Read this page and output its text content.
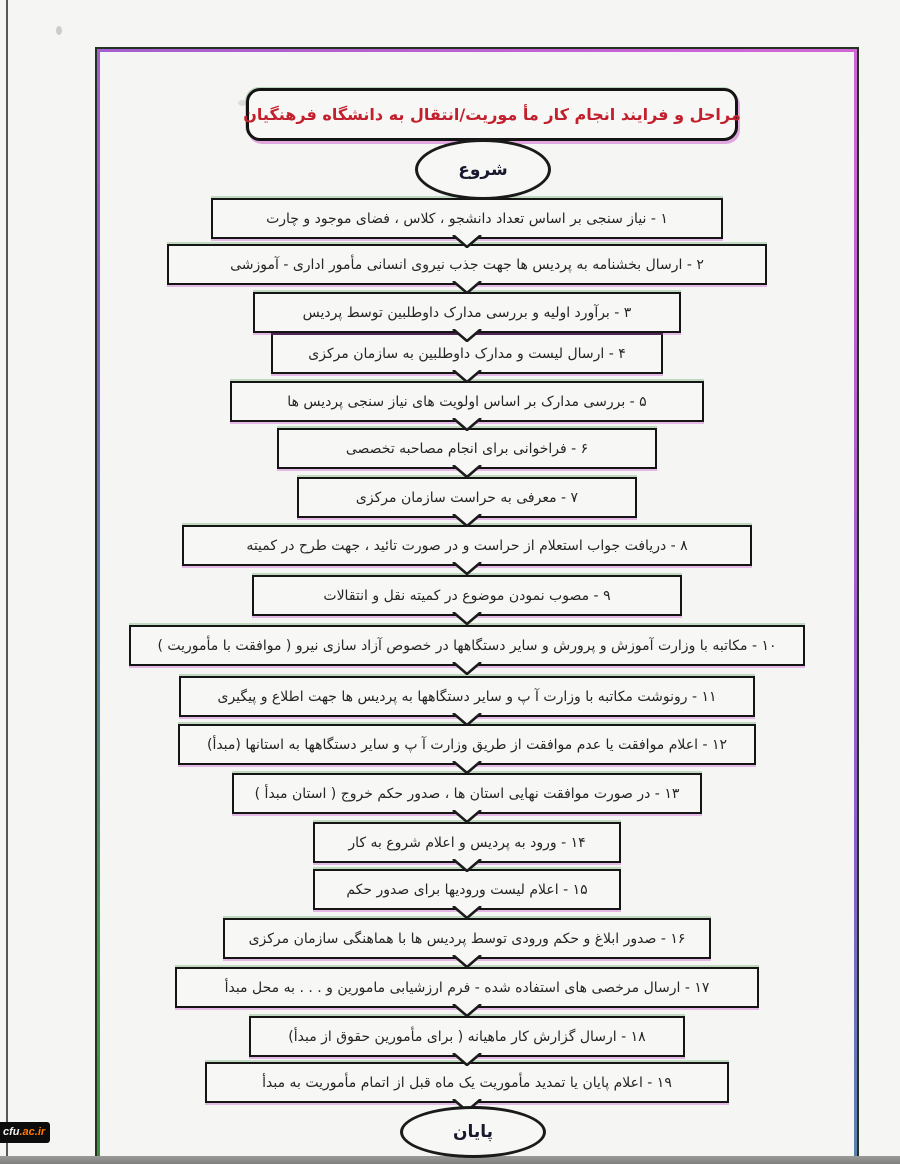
مراحل و فرایند انجام کار مأ موریت/انتقال به دانشگاه فرهنگیان
شروع
۱ - نیاز سنجی بر اساس تعداد دانشجو ، کلاس ، فضای موجود و چارت
۲ - ارسال بخشنامه به پردیس ها جهت جذب نیروی انسانی مأمور اداری - آموزشی
۳ - برآورد اولیه و بررسی مدارک داوطلبین توسط پردیس
۴ - ارسال لیست و مدارک داوطلبین به سازمان مرکزی
۵ - بررسی مدارک بر اساس اولویت های نیاز سنجی پردیس ها
۶ - فراخوانی برای انجام مصاحبه تخصصی
۷ - معرفی به حراست سازمان مرکزی
۸ - دریافت جواب استعلام از حراست و در صورت تائید ، جهت طرح در کمیته
۹ - مصوب نمودن موضوع در کمیته نقل و انتقالات
۱۰ - مکاتبه با وزارت آموزش و پرورش و سایر دستگاهها در خصوص آزاد سازی نیرو ( موافقت با مأموریت )
۱۱ - رونوشت مکاتبه با وزارت آ پ و سایر دستگاهها به پردیس ها جهت اطلاع و پیگیری
۱۲ - اعلام موافقت یا عدم موافقت از طریق وزارت آ پ و سایر دستگاهها به استانها (مبدأ)
۱۳ - در صورت موافقت نهایی استان ها ، صدور حکم خروج ( استان مبدأ )
۱۴ - ورود به پردیس و اعلام شروع به کار
۱۵ - اعلام لیست ورودیها برای صدور حکم
۱۶ - صدور ابلاغ و حکم ورودی توسط پردیس ها با هماهنگی سازمان مرکزی
۱۷ - ارسال مرخصی های استفاده شده - فرم ارزشیابی مامورین و . . . به محل مبدأ
۱۸ - ارسال گزارش کار ماهیانه ( برای مأمورین حقوق از مبدأ)
۱۹ - اعلام پایان یا تمدید مأموریت یک ماه قبل از اتمام مأموریت به مبدأ
پایان
cfu .ac.ir
